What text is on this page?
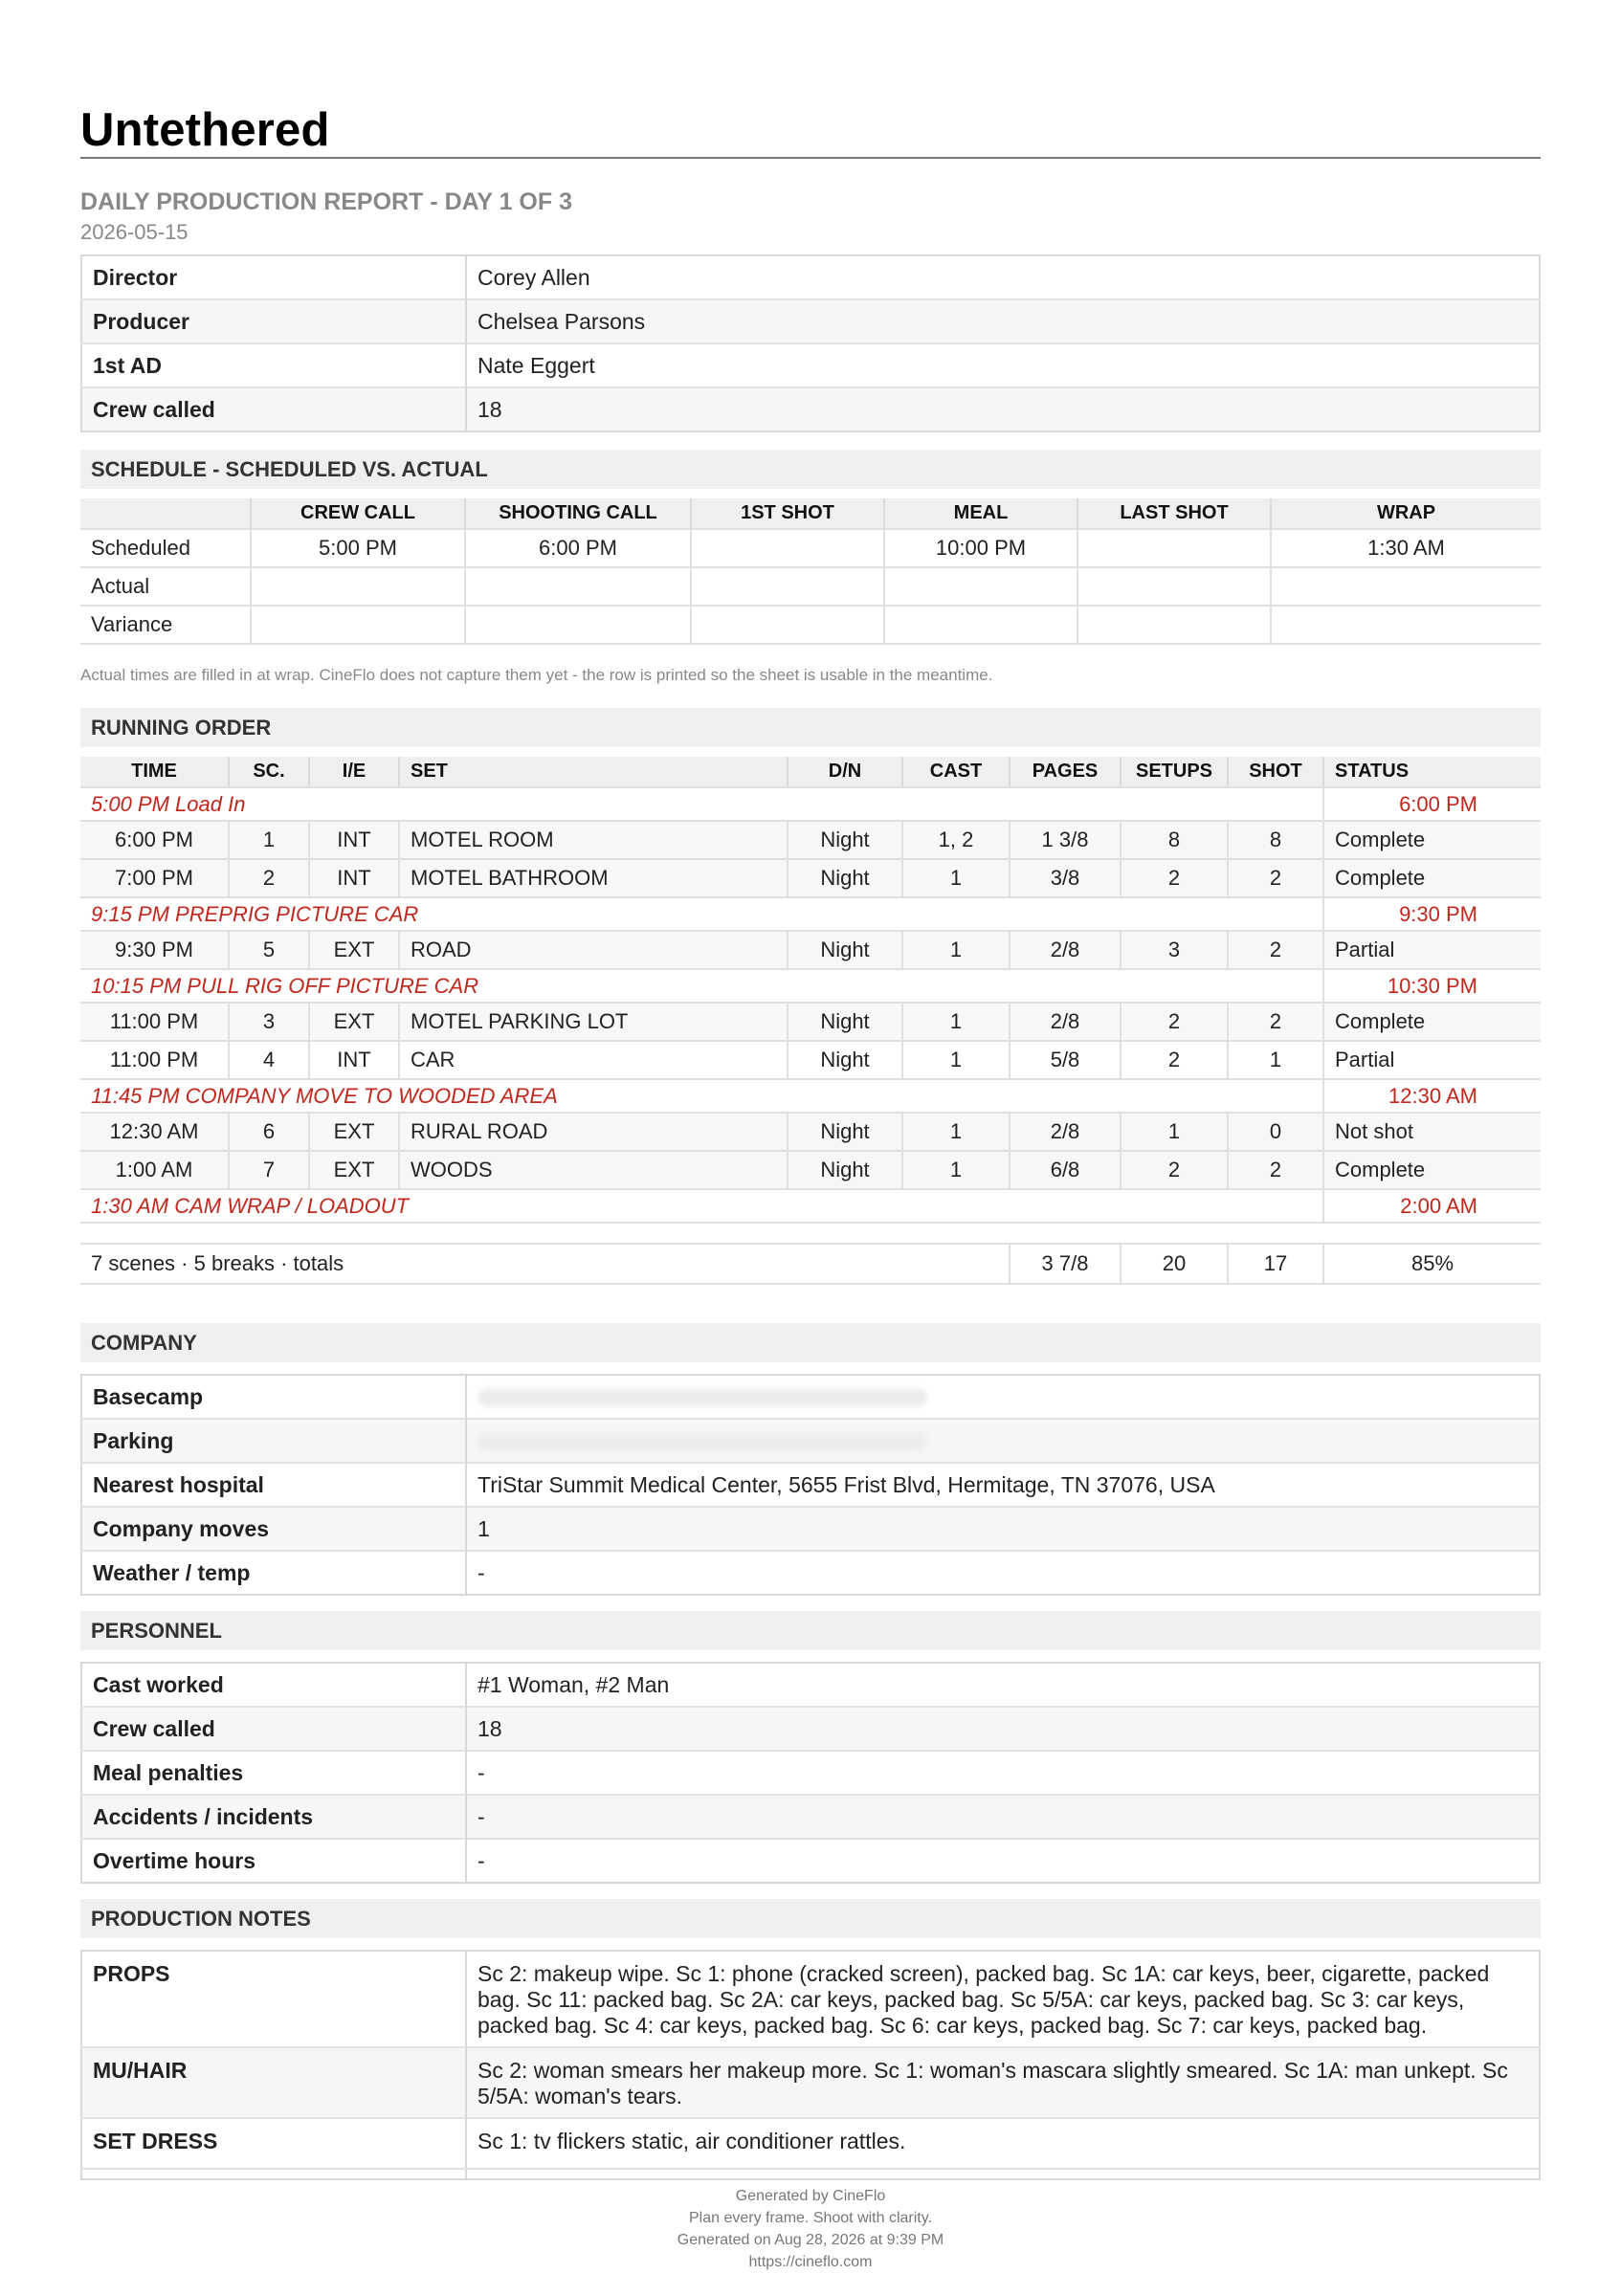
Untethered
DAILY PRODUCTION REPORT - DAY 1 OF 3
2026-05-15
Director	Corey Allen
Producer	Chelsea Parsons
1st AD	Nate Eggert
Crew called	18
SCHEDULE - SCHEDULED VS. ACTUAL
	CREW CALL	SHOOTING CALL	1ST SHOT	MEAL	LAST SHOT	WRAP
Scheduled	5:00 PM	6:00 PM		10:00 PM		1:30 AM
Actual						
Variance						
Actual times are filled in at wrap. CineFlo does not capture them yet - the row is printed so the sheet is usable in the meantime.
RUNNING ORDER
TIME	SC.	I/E	SET	D/N	CAST	PAGES	SETUPS	SHOT	STATUS
5:00 PM Load In									6:00 PM
6:00 PM	1	INT	MOTEL ROOM	Night	1, 2	1 3/8	8	8	Complete
7:00 PM	2	INT	MOTEL BATHROOM	Night	1	3/8	2	2	Complete
9:15 PM PREPRIG PICTURE CAR									9:30 PM
9:30 PM	5	EXT	ROAD	Night	1	2/8	3	2	Partial
10:15 PM PULL RIG OFF PICTURE CAR									10:30 PM
11:00 PM	3	EXT	MOTEL PARKING LOT	Night	1	2/8	2	2	Complete
11:00 PM	4	INT	CAR	Night	1	5/8	2	1	Partial
11:45 PM COMPANY MOVE TO WOODED AREA									12:30 AM
12:30 AM	6	EXT	RURAL ROAD	Night	1	2/8	1	0	Not shot
1:00 AM	7	EXT	WOODS	Night	1	6/8	2	2	Complete
1:30 AM CAM WRAP / LOADOUT									2:00 AM

7 scenes · 5 breaks · totals						3 7/8	20	17	85%
COMPANY
Basecamp	
Parking	
Nearest hospital	TriStar Summit Medical Center, 5655 Frist Blvd, Hermitage, TN 37076, USA
Company moves	1
Weather / temp	-
PERSONNEL
Cast worked	#1 Woman, #2 Man
Crew called	18
Meal penalties	-
Accidents / incidents	-
Overtime hours	-
PRODUCTION NOTES
PROPS	Sc 2: makeup wipe. Sc 1: phone (cracked screen), packed bag. Sc 1A: car keys, beer, cigarette, packed bag. Sc 11: packed bag. Sc 2A: car keys, packed bag. Sc 5/5A: car keys, packed bag. Sc 3: car keys, packed bag. Sc 4: car keys, packed bag. Sc 6: car keys, packed bag. Sc 7: car keys, packed bag.
MU/HAIR	Sc 2: woman smears her makeup more. Sc 1: woman's mascara slightly smeared. Sc 1A: man unkept. Sc 5/5A: woman's tears.
SET DRESS	Sc 1: tv flickers static, air conditioner rattles.
Generated by CineFlo
Plan every frame. Shoot with clarity.
Generated on Aug 28, 2026 at 9:39 PM
https://cineflo.com
